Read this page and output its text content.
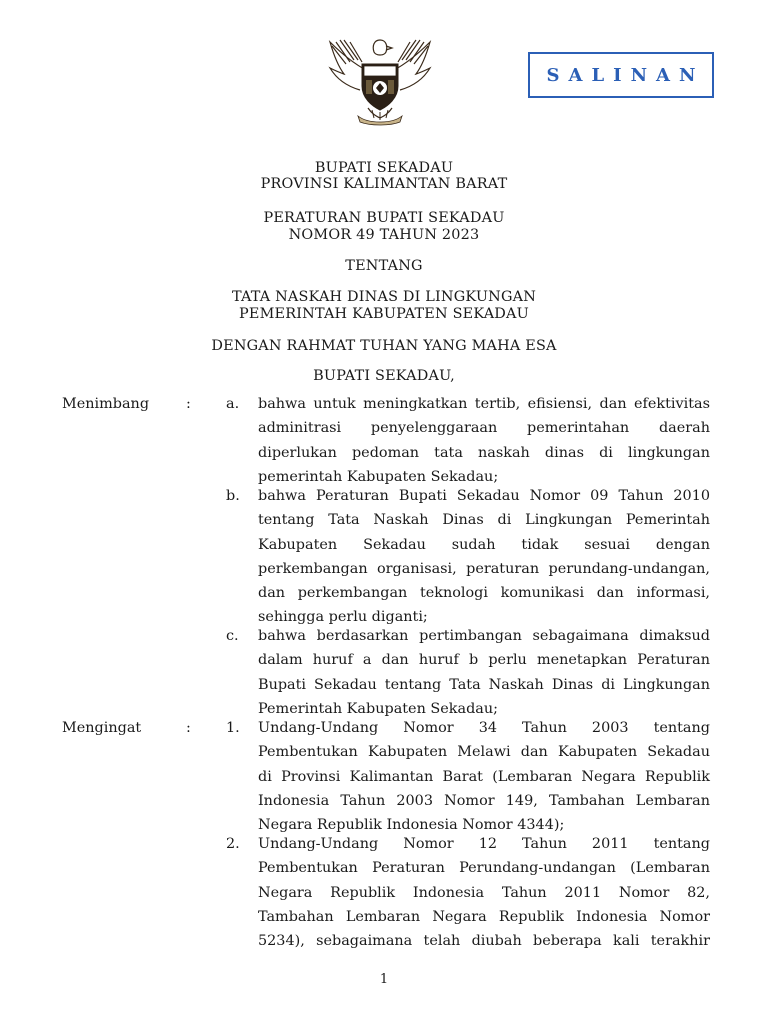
SALINAN
BUPATI SEKADAU
PROVINSI KALIMANTAN BARAT
PERATURAN BUPATI SEKADAU
NOMOR 49 TAHUN 2023
TENTANG
TATA NASKAH DINAS DI LINGKUNGAN
PEMERINTAH KABUPATEN SEKADAU
DENGAN RAHMAT TUHAN YANG MAHA ESA
BUPATI SEKADAU,
Menimbang	: a. bahwa untuk meningkatkan tertib, efisiensi, dan efektivitas
adminitrasi penyelenggaraan pemerintahan daerah
diperlukan pedoman tata naskah dinas di lingkungan
pemerintah Kabupaten Sekadau;
b. bahwa Peraturan Bupati Sekadau Nomor 09 Tahun 2010
tentang Tata Naskah Dinas di Lingkungan Pemerintah
Kabupaten Sekadau sudah tidak sesuai dengan
perkembangan organisasi, peraturan perundang-undangan,
dan perkembangan teknologi komunikasi dan informasi,
sehingga perlu diganti;
c. bahwa berdasarkan pertimbangan sebagaimana dimaksud
dalam huruf a dan huruf b perlu menetapkan Peraturan
Bupati Sekadau tentang Tata Naskah Dinas di Lingkungan
Pemerintah Kabupaten Sekadau;
Mengingat	: 1. Undang-Undang Nomor 34 Tahun 2003 tentang
Pembentukan Kabupaten Melawi dan Kabupaten Sekadau
di Provinsi Kalimantan Barat (Lembaran Negara Republik
Indonesia Tahun 2003 Nomor 149, Tambahan Lembaran
Negara Republik Indonesia Nomor 4344);
2. Undang-Undang Nomor 12 Tahun 2011 tentang
Pembentukan Peraturan Perundang-undangan (Lembaran
Negara Republik Indonesia Tahun 2011 Nomor 82,
Tambahan Lembaran Negara Republik Indonesia Nomor
5234), sebagaimana telah diubah beberapa kali terakhir
1
